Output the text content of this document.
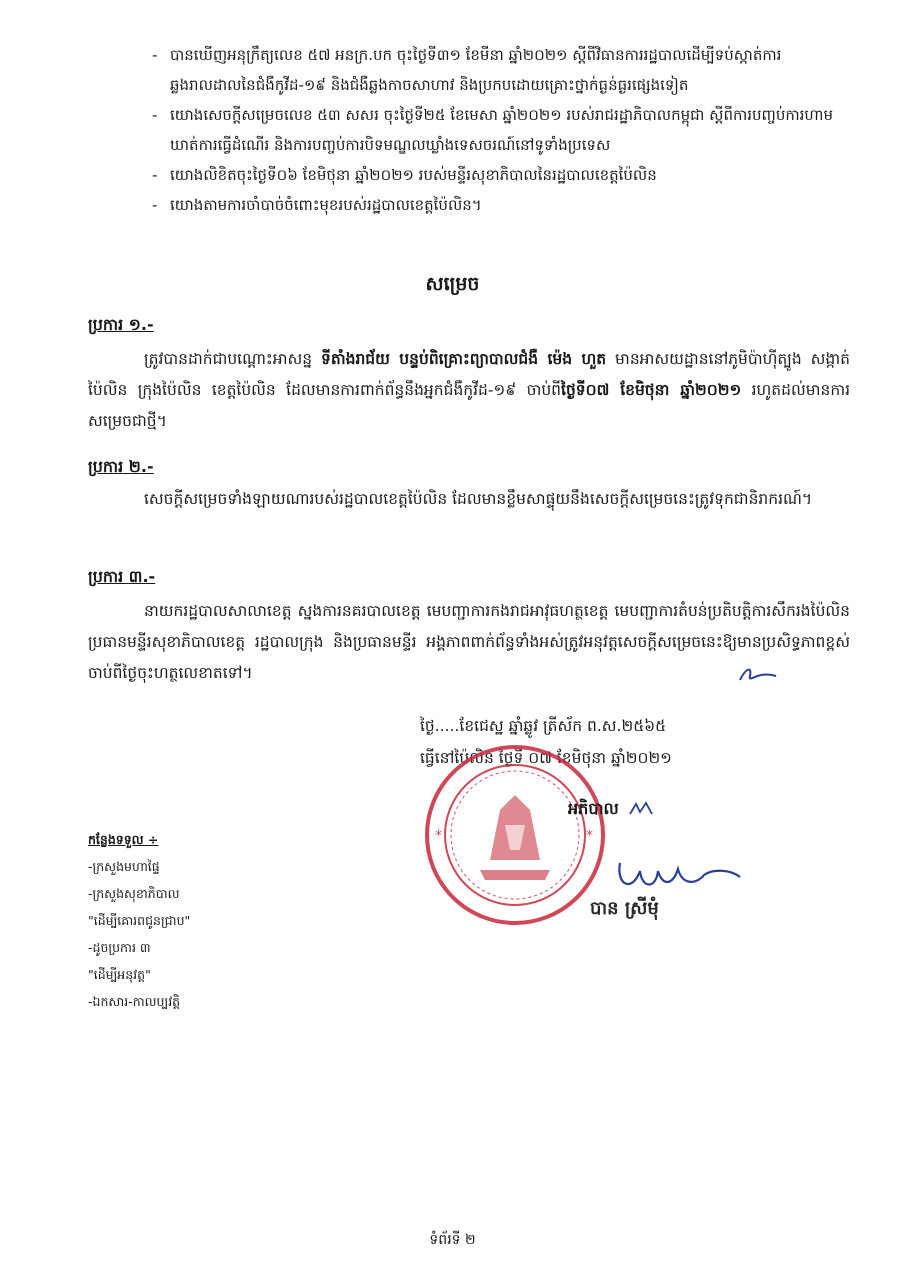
- បានឃើញអនុក្រឹត្យលេខ ៥៧ អនក្រ.បក ចុះថ្ងៃទី៣១ ខែមីនា ឆ្នាំ២០២១ ស្តីពីវិធានការរដ្ឋបាលដើម្បីទប់ស្កាត់ការឆ្លងរាលដាលនៃជំងឺកូវីដ-១៩ និងជំងឺឆ្លងកាចសាហាវ និងប្រកបដោយគ្រោះថ្នាក់ធ្ងន់ធ្ងរផ្សេងទៀត
- យោងសេចក្តីសម្រេចលេខ ៥៣ សសរ ចុះថ្ងៃទី២៥ ខែមេសា ឆ្នាំ២០២១ របស់រាជរដ្ឋាភិបាលកម្ពុជា ស្តីពីការបញ្ចប់ការហាមឃាត់ការធ្វើដំណើរ និងការបញ្ចប់ការបិទមណ្ឌលឃ្លាំងទេសចរណ៍នៅទូទាំងប្រទេស
- យោងលិខិតចុះថ្ងៃទី០៦ ខែមិថុនា ឆ្នាំ២០២១ របស់មន្ទីរសុខាភិបាលនៃរដ្ឋបាលខេត្តប៉ៃលិន
- យោងតាមការចាំបាច់ចំពោះមុខរបស់រដ្ឋបាលខេត្តប៉ៃលិន។
សម្រេច
ប្រការ ១.-
ត្រូវបានដាក់ជាបណ្ដោះអាសន្ន ទីតាំងរាជ័យ បន្ទប់ពិគ្រោះព្យាបាលជំងឺ ម៉េង ហួត មានអាសយដ្ឋាននៅភូមិប៉ាហុីត្បូង សង្កាត់ប៉ៃលិន ក្រុងប៉ៃលិន ខេត្តប៉ៃលិន ដែលមានការពាក់ព័ន្ធនឹងអ្នកជំងឺកូវីដ-១៩ ចាប់ពីថ្ងៃទី០៧ ខែមិថុនា ឆ្នាំ២០២១ រហូតដល់មានការសម្រេចជាថ្មី។
ប្រការ ២.-
សេចក្តីសម្រេចទាំងឡាយណារបស់រដ្ឋបាលខេត្តប៉ៃលិន ដែលមានខ្លឹមសាផ្ទុយនឹងសេចក្តីសម្រេចនេះត្រូវទុកជានិរាករណ៍។
ប្រការ ៣.-
នាយករដ្ឋបាលសាលាខេត្ត ស្នងការនគរបាលខេត្ត មេបញ្ជាការកងរាជអាវុធហត្ថខេត្ត មេបញ្ជាការតំបន់ប្រតិបត្តិការសឹករងប៉ៃលិន ប្រធានមន្ទីរសុខាភិបាលខេត្ត រដ្ឋបាលក្រុង និងប្រធានមន្ទីរ អង្គភាពពាក់ព័ន្ធទាំងអស់ត្រូវអនុវត្តសេចក្តីសម្រេចនេះឱ្យមានប្រសិទ្ធភាពខ្ពស់ ចាប់ពីថ្ងៃចុះហត្ថលេខាតទៅ។
ថ្ងៃ.....ខែជេស្ឋ ឆ្នាំឆ្លូវ ត្រីស័ក ព.ស.២៥៦៥
ធ្វើនៅប៉ៃលិន ថ្ងៃទី ០៧ ខែមិថុនា ឆ្នាំ២០២១
*	*
អភិបាល
បាន ស្រីមុំ
កន្លែងទទួល ÷
-ក្រសួងមហាផ្ទៃ
-ក្រសួងសុខាភិបាល
"ដើម្បីគោរពជូនជ្រាប"
-ដូចប្រការ ៣
"ដើម្បីអនុវត្ត"
-ឯកសារ-កាលប្បវត្តិ
ទំព័រទី ២
